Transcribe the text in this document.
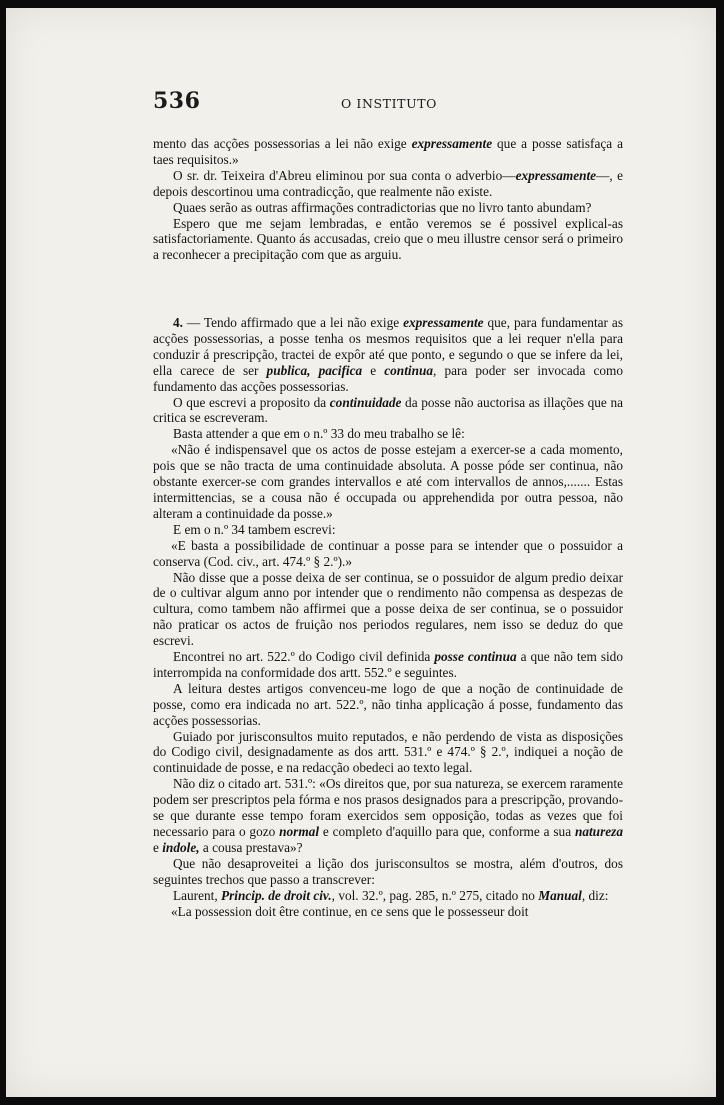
536	O INSTITUTO

mento das acções possessorias a lei não exige expressamente que a posse satisfaça a taes requisitos.»

O sr. dr. Teixeira d'Abreu eliminou por sua conta o adverbio—expressamente—, e depois descortinou uma contradicção, que realmente não existe.

Quaes serão as outras affirmações contradictorias que no livro tanto abundam?

Espero que me sejam lembradas, e então veremos se é possivel explical-as satisfactoriamente. Quanto ás accusadas, creio que o meu illustre censor será o primeiro a reconhecer a precipitação com que as arguiu.

4. — Tendo affirmado que a lei não exige expressamente que, para fundamentar as acções possessorias, a posse tenha os mesmos requisitos que a lei requer n'ella para conduzir á prescripção, tractei de expôr até que ponto, e segundo o que se infere da lei, ella carece de ser publica, pacifica e continua, para poder ser invocada como fundamento das acções possessorias.

O que escrevi a proposito da continuidade da posse não auctorisa as illações que na critica se escreveram.

Basta attender a que em o n.º 33 do meu trabalho se lê:

«Não é indispensavel que os actos de posse estejam a exercer-se a cada momento, pois que se não tracta de uma continuidade absoluta. A posse póde ser continua, não obstante exercer-se com grandes intervallos e até com intervallos de annos,....... Estas intermittencias, se a cousa não é occupada ou apprehendida por outra pessoa, não alteram a continuidade da posse.»

E em o n.º 34 tambem escrevi:

«E basta a possibilidade de continuar a posse para se intender que o possuidor a conserva (Cod. civ., art. 474.º § 2.º).»

Não disse que a posse deixa de ser continua, se o possuidor de algum predio deixar de o cultivar algum anno por intender que o rendimento não compensa as despezas de cultura, como tambem não affirmei que a posse deixa de ser continua, se o possuidor não praticar os actos de fruição nos periodos regulares, nem isso se deduz do que escrevi.

Encontrei no art. 522.º do Codigo civil definida posse continua a que não tem sido interrompida na conformidade dos artt. 552.º e seguintes.

A leitura destes artigos convenceu-me logo de que a noção de continuidade de posse, como era indicada no art. 522.º, não tinha applicação á posse, fundamento das acções possessorias.

Guiado por jurisconsultos muito reputados, e não perdendo de vista as disposições do Codigo civil, designadamente as dos artt. 531.º e 474.º § 2.º, indiquei a noção de continuidade de posse, e na redacção obedeci ao texto legal.

Não diz o citado art. 531.º: «Os direitos que, por sua natureza, se exercem raramente podem ser prescriptos pela fórma e nos prasos designados para a prescripção, provando-se que durante esse tempo foram exercidos sem opposição, todas as vezes que foi necessario para o gozo normal e completo d'aquillo para que, conforme a sua natureza e indole, a cousa prestava»?

Que não desaproveitei a lição dos jurisconsultos se mostra, além d'outros, dos seguintes trechos que passo a transcrever:

Laurent, Princip. de droit civ., vol. 32.º, pag. 285, n.º 275, citado no Manual, diz:

«La possession doit être continue, en ce sens que le possesseur doit
